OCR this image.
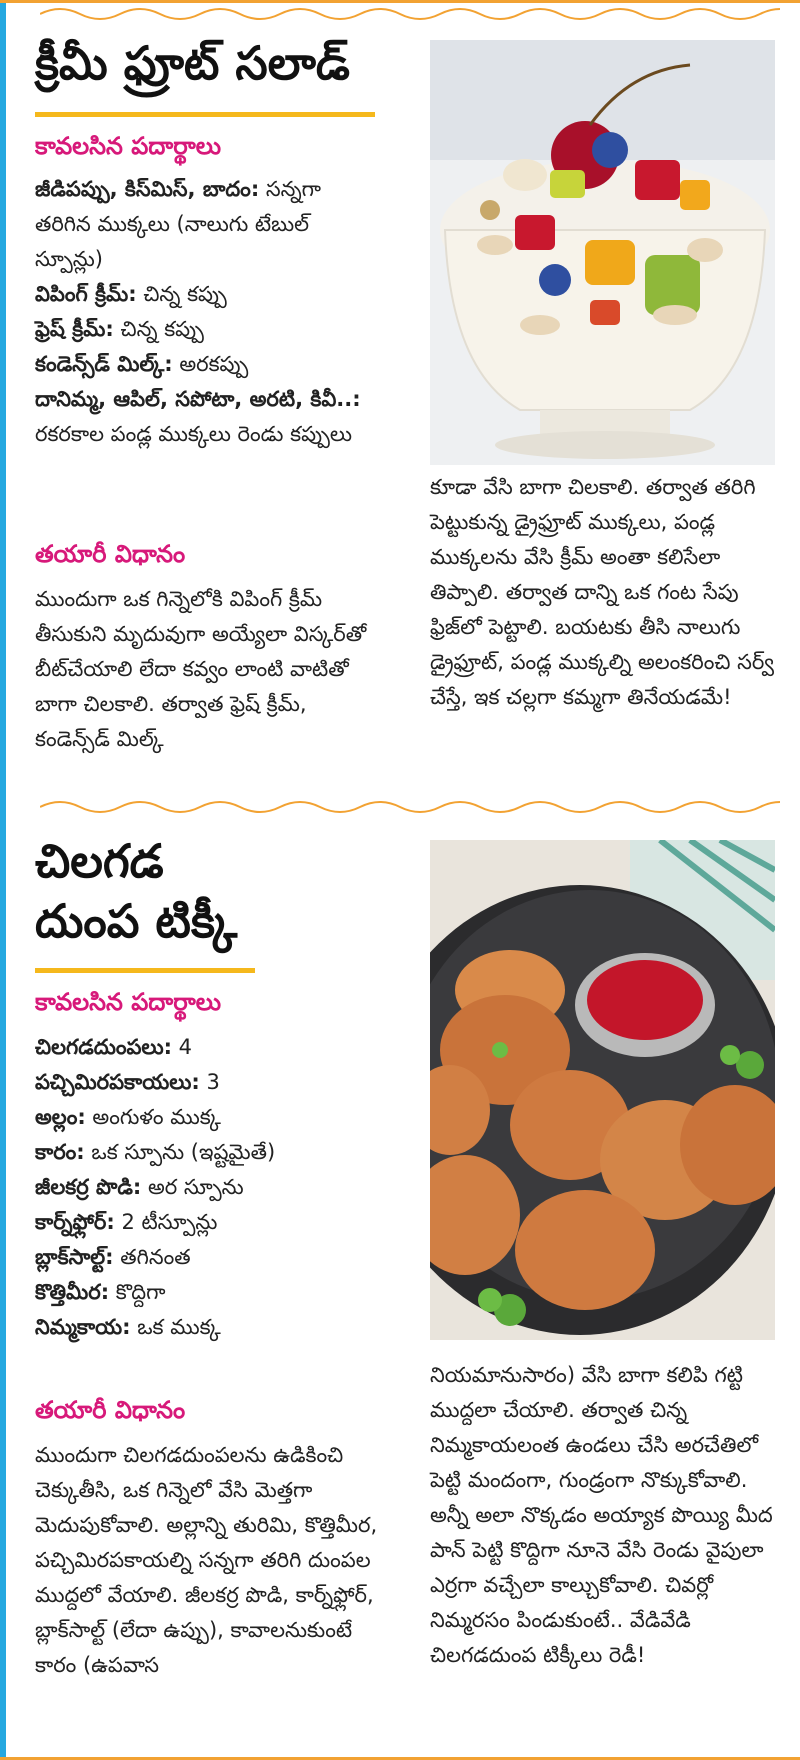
క్రీమీ ఫ్రూట్ సలాడ్
కావలసిన పదార్థాలు
జీడిపప్పు, కిస్‌మిస్, బాదం: సన్నగా తరిగిన ముక్కలు (నాలుగు టేబుల్ స్పూన్లు)
విపింగ్ క్రీమ్: చిన్న కప్పు
ఫ్రెష్ క్రీమ్: చిన్న కప్పు
కండెన్స్‌డ్ మిల్క్: అరకప్పు
దానిమ్మ, ఆపిల్, సపోటా, అరటి, కివీ..: రకరకాల పండ్ల ముక్కలు రెండు కప్పులు
తయారీ విధానం

ముందుగా ఒక గిన్నెలోకి విపింగ్ క్రీమ్ తీసుకుని మృదువుగా అయ్యేలా విస్కర్‌తో బీట్‌చేయాలి లేదా కవ్వం లాంటి వాటితో బాగా చిలకాలి. తర్వాత ఫ్రెష్ క్రీమ్, కండెన్స్‌డ్ మిల్క్

కూడా వేసి బాగా చిలకాలి. తర్వాత తరిగి పెట్టుకున్న డ్రైఫ్రూట్ ముక్కలు, పండ్ల ముక్కలను వేసి క్రీమ్ అంతా కలిసేలా తిప్పాలి. తర్వాత దాన్ని ఒక గంట సేపు ఫ్రిజ్‌లో పెట్టాలి. బయటకు తీసి నాలుగు డ్రైఫ్రూట్, పండ్ల ముక్కల్ని అలంకరించి సర్వ్ చేస్తే, ఇక చల్లగా కమ్మగా తినేయడమే!

చిలగడ
దుంప టిక్కీ
కావలసిన పదార్థాలు
చిలగడదుంపలు: 4
పచ్చిమిరపకాయలు: 3
అల్లం: అంగుళం ముక్క
కారం: ఒక స్పూను (ఇష్టమైతే)
జీలకర్ర పొడి: అర స్పూను
కార్న్‌ఫ్లోర్: 2 టీస్పూన్లు
బ్లాక్‌సాల్ట్: తగినంత
కొత్తిమీర: కొద్దిగా
నిమ్మకాయ: ఒక ముక్క
తయారీ విధానం

ముందుగా చిలగడదుంపలను ఉడికించి చెక్కుతీసి, ఒక గిన్నెలో వేసి మెత్తగా మెదుపుకోవాలి. అల్లాన్ని తురిమి, కొత్తిమీర, పచ్చిమిరపకాయల్ని సన్నగా తరిగి దుంపల ముద్దలో వేయాలి. జీలకర్ర పొడి, కార్న్‌ఫ్లోర్, బ్లాక్‌సాల్ట్ (లేదా ఉప్పు), కావాలనుకుంటే కారం (ఉపవాస

నియమానుసారం) వేసి బాగా కలిపి గట్టి ముద్దలా చేయాలి. తర్వాత చిన్న నిమ్మకాయలంత ఉండలు చేసి అరచేతిలో పెట్టి మందంగా, గుండ్రంగా నొక్కుకోవాలి. అన్నీ అలా నొక్కడం అయ్యాక పొయ్యి మీద పాన్ పెట్టి కొద్దిగా నూనె వేసి రెండు వైపులా ఎర్రగా వచ్చేలా కాల్చుకోవాలి. చివర్లో నిమ్మరసం పిండుకుంటే.. వేడివేడి చిలగడదుంప టిక్కీలు రెడీ!
